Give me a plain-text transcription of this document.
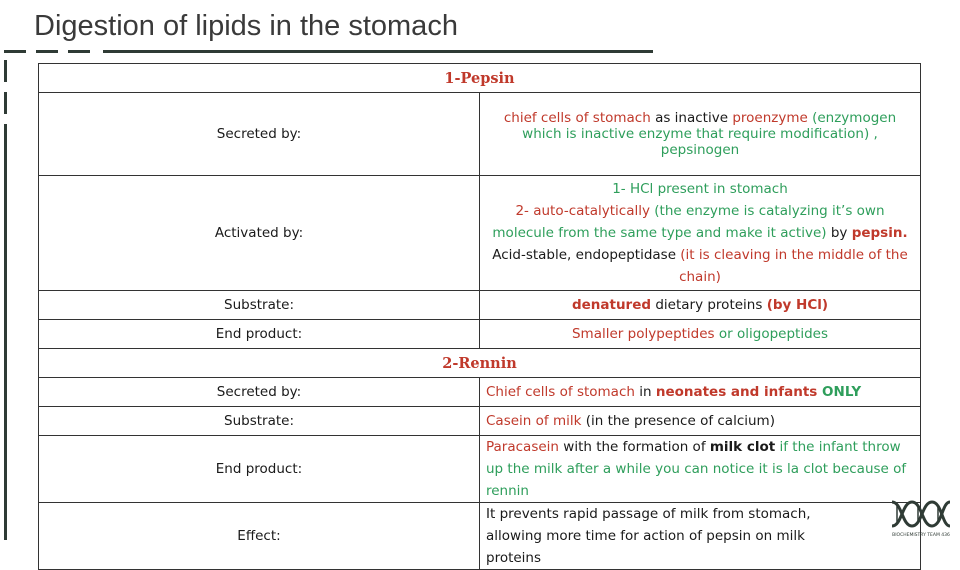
Digestion of lipids in the stomach
1-Pepsin	
Secreted by:	chief cells of stomach as inactive proenzyme (enzymogen which is inactive enzyme that require modification) , pepsinogen
Activated by:	1- HCl present in stomach
2- auto-catalytically (the enzyme is catalyzing it’s own molecule from the same type and make it active) by pepsin.
Acid-stable, endopeptidase (it is cleaving in the middle of the chain)

Substrate:	denatured dietary proteins (by HCl)
End product:	Smaller polypeptides or oligopeptides
2-Rennin	
Secreted by:	Chief cells of stomach in neonates and infants ONLY
Substrate:	Casein of milk (in the presence of calcium)
End product:	Paracasein with the formation of milk clot if the infant throw up the milk after a while you can notice it is la clot because of rennin
Effect:	It prevents rapid passage of milk from stomach, allowing more time for action of pepsin on milk proteins
BIOCHEMISTRY TEAM 436
